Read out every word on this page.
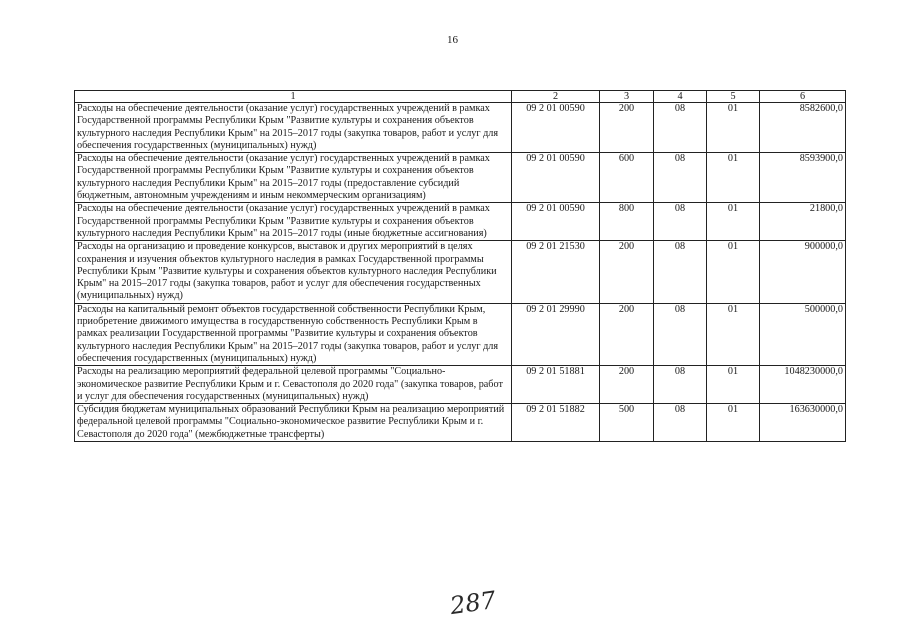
16
1	2	3	4	5	6
Расходы на обеспечение деятельности (оказание услуг) государственных учреждений в рамках Государственной программы Республики Крым "Развитие культуры и сохранения объектов культурного наследия Республики Крым" на 2015–2017 годы (закупка товаров, работ и услуг для обеспечения государственных (муниципальных) нужд)	09 2 01 00590	200	08	01	8582600,0
Расходы на обеспечение деятельности (оказание услуг) государственных учреждений в рамках Государственной программы Республики Крым "Развитие культуры и сохранения объектов культурного наследия Республики Крым" на 2015–2017 годы (предоставление субсидий бюджетным, автономным учреждениям и иным некоммерческим организациям)	09 2 01 00590	600	08	01	8593900,0
Расходы на обеспечение деятельности (оказание услуг) государственных учреждений в рамках Государственной программы Республики Крым "Развитие культуры и сохранения объектов культурного наследия Республики Крым" на 2015–2017 годы (иные бюджетные ассигнования)	09 2 01 00590	800	08	01	21800,0
Расходы на организацию и проведение конкурсов, выставок и других мероприятий в целях сохранения и изучения объектов культурного наследия в рамках Государственной программы Республики Крым "Развитие культуры и сохранения объектов культурного наследия Республики Крым" на 2015–2017 годы (закупка товаров, работ и услуг для обеспечения государственных (муниципальных) нужд)	09 2 01 21530	200	08	01	900000,0
Расходы на капитальный ремонт объектов государственной собственности Республики Крым, приобретение движимого имущества в государственную собственность Республики Крым в рамках реализации Государственной программы "Развитие культуры и сохранения объектов культурного наследия Республики Крым" на 2015–2017 годы (закупка товаров, работ и услуг для обеспечения государственных (муниципальных) нужд)	09 2 01 29990	200	08	01	500000,0
Расходы на реализацию мероприятий федеральной целевой программы "Социально-экономическое развитие Республики Крым и г. Севастополя до 2020 года" (закупка товаров, работ и услуг для обеспечения государственных (муниципальных) нужд)	09 2 01 51881	200	08	01	1048230000,0
Субсидия бюджетам муниципальных образований Республики Крым на реализацию мероприятий федеральной целевой программы "Социально-экономическое развитие Республики Крым и г. Севастополя до 2020 года" (межбюджетные трансферты)	09 2 01 51882	500	08	01	163630000,0
287
